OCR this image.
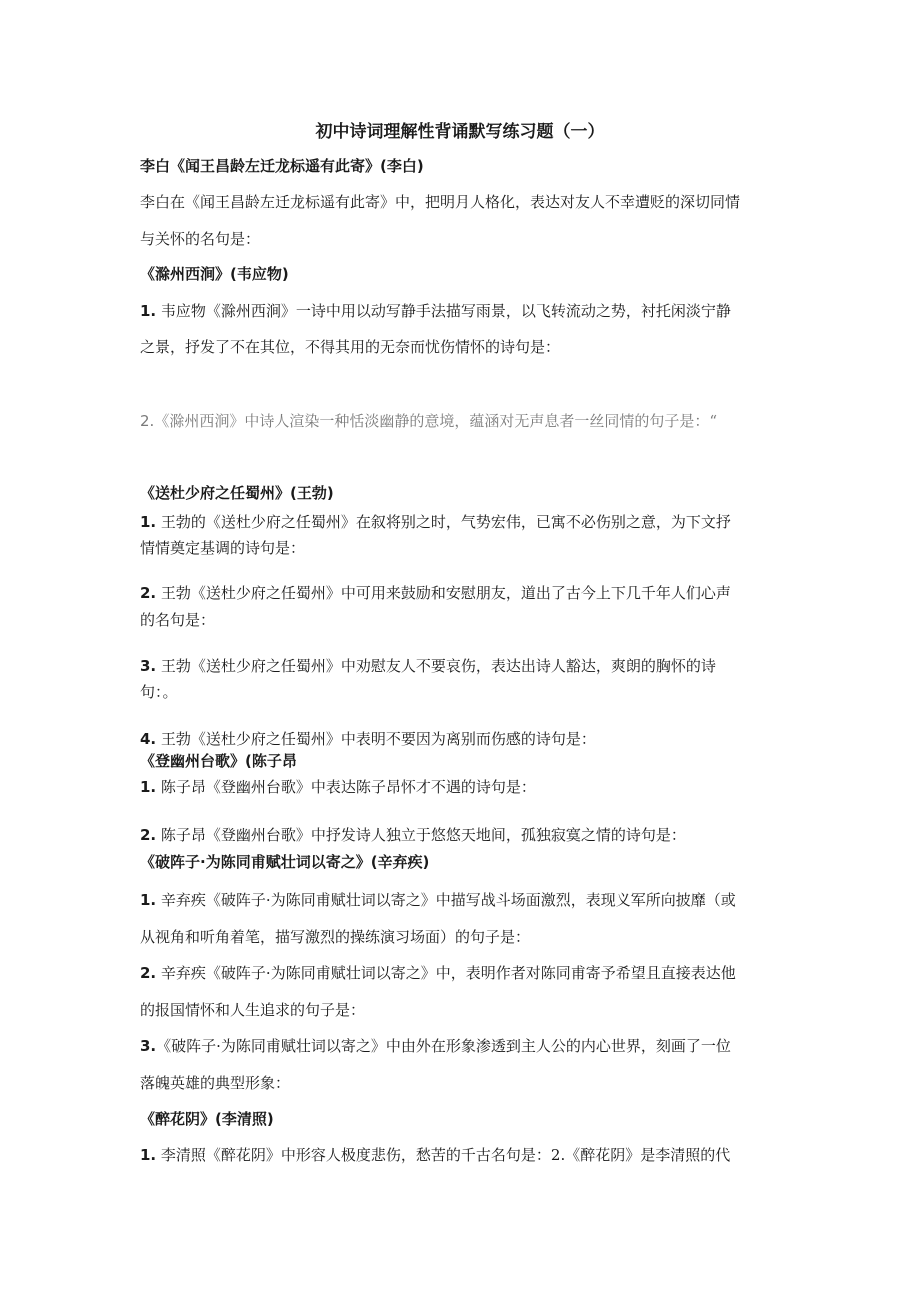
初中诗词理解性背诵默写练习题（一）
李白《闻王昌龄左迁龙标遥有此寄》(李白)
李白在《闻王昌龄左迁龙标遥有此寄》中，把明月人格化，表达对友人不幸遭贬的深切同情
与关怀的名句是：
《滁州西涧》(韦应物)
1. 韦应物《滁州西涧》一诗中用以动写静手法描写雨景，以飞转流动之势，衬托闲淡宁静
之景，抒发了不在其位，不得其用的无奈而忧伤情怀的诗句是：
2.《滁州西涧》中诗人渲染一种恬淡幽静的意境，蕴涵对无声息者一丝同情的句子是：“
《送杜少府之任蜀州》(王勃)
1. 王勃的《送杜少府之任蜀州》在叙将别之时，气势宏伟，已寓不必伤别之意，为下文抒
情情奠定基调的诗句是：
2. 王勃《送杜少府之任蜀州》中可用来鼓励和安慰朋友，道出了古今上下几千年人们心声
的名句是：
3. 王勃《送杜少府之任蜀州》中劝慰友人不要哀伤，表达出诗人豁达，爽朗的胸怀的诗
句：。
4. 王勃《送杜少府之任蜀州》中表明不要因为离别而伤感的诗句是：
《登幽州台歌》(陈子昂
1. 陈子昂《登幽州台歌》中表达陈子昂怀才不遇的诗句是：
2. 陈子昂《登幽州台歌》中抒发诗人独立于悠悠天地间，孤独寂寞之情的诗句是：
《破阵子·为陈同甫赋壮词以寄之》(辛弃疾)
1. 辛弃疾《破阵子·为陈同甫赋壮词以寄之》中描写战斗场面激烈，表现义军所向披靡（或
从视角和听角着笔，描写激烈的操练演习场面）的句子是：
2. 辛弃疾《破阵子·为陈同甫赋壮词以寄之》中，表明作者对陈同甫寄予希望且直接表达他
的报国情怀和人生追求的句子是：
3.《破阵子·为陈同甫赋壮词以寄之》中由外在形象渗透到主人公的内心世界，刻画了一位
落魄英雄的典型形象：
《醉花阴》(李清照)
1. 李清照《醉花阴》中形容人极度悲伤，愁苦的千古名句是：2.《醉花阴》是李清照的代
